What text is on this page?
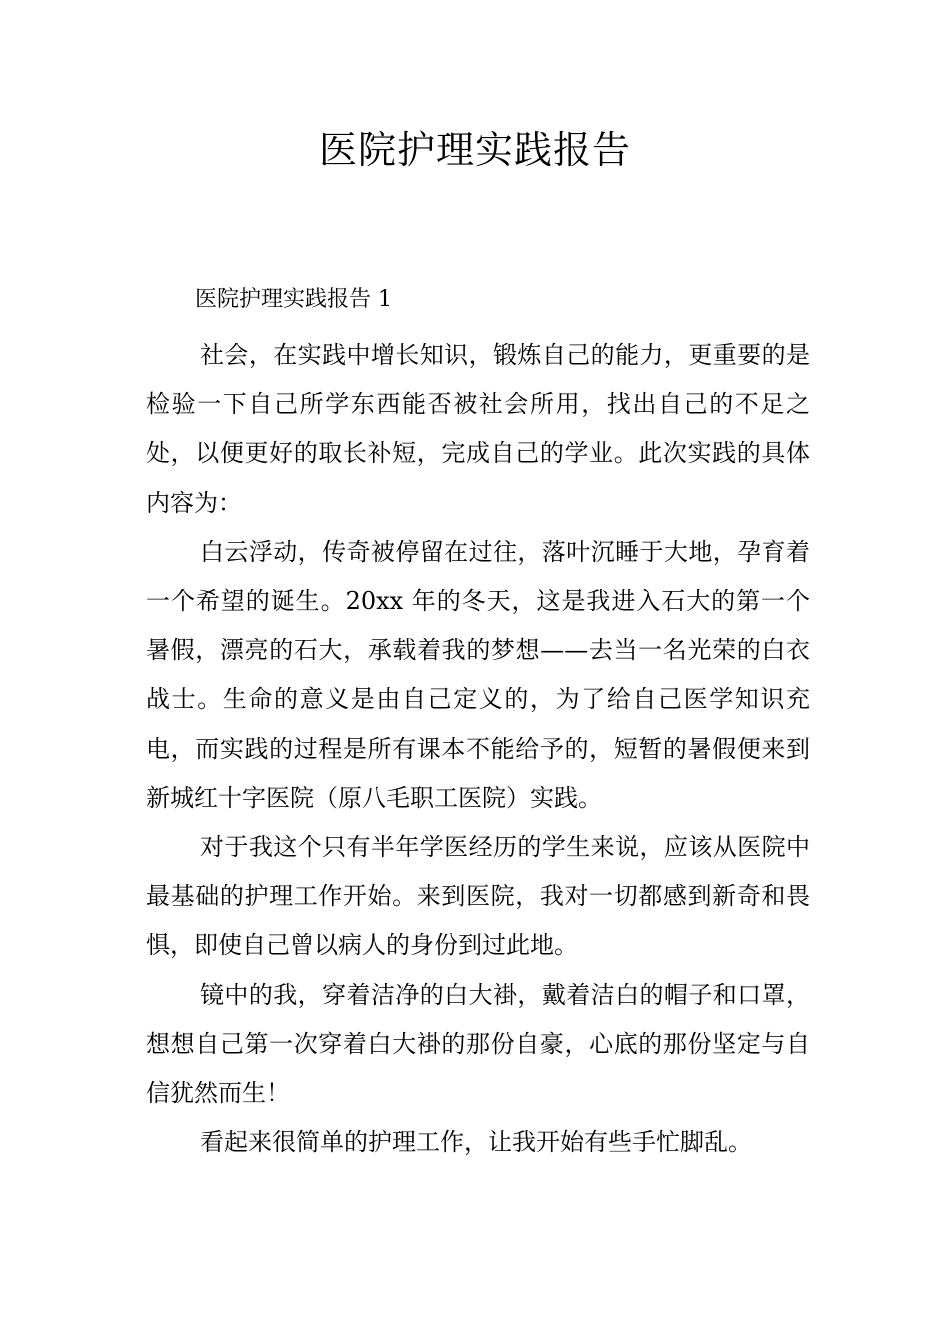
医院护理实践报告
医院护理实践报告 1

社会，在实践中增长知识，锻炼自己的能力，更重要的是检验一下自己所学东西能否被社会所用，找出自己的不足之处，以便更好的取长补短，完成自己的学业。此次实践的具体内容为：

白云浮动，传奇被停留在过往，落叶沉睡于大地，孕育着一个希望的诞生。20xx 年的冬天，这是我进入石大的第一个暑假，漂亮的石大，承载着我的梦想——去当一名光荣的白衣战士。生命的意义是由自己定义的，为了给自己医学知识充电，而实践的过程是所有课本不能给予的，短暂的暑假便来到新城红十字医院（原八毛职工医院）实践。

对于我这个只有半年学医经历的学生来说，应该从医院中最基础的护理工作开始。来到医院，我对一切都感到新奇和畏惧，即使自己曾以病人的身份到过此地。

镜中的我，穿着洁净的白大褂，戴着洁白的帽子和口罩，想想自己第一次穿着白大褂的那份自豪，心底的那份坚定与自信犹然而生！

看起来很简单的护理工作，让我开始有些手忙脚乱。
